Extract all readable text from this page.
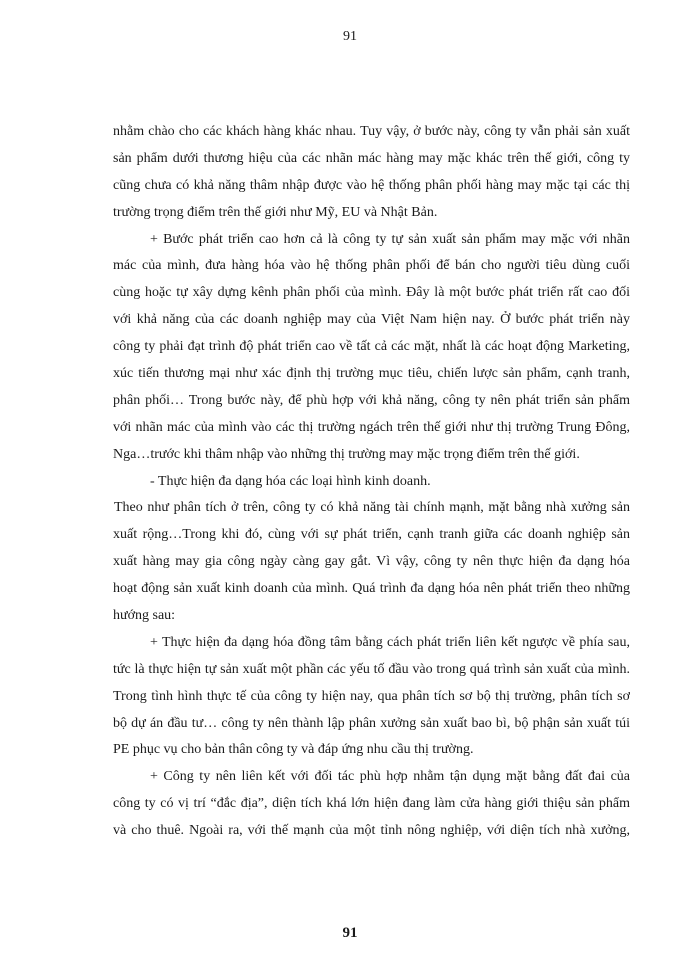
91
nhằm chào cho các khách hàng khác nhau. Tuy vậy, ở bước này, công ty vẫn phải sản xuất
sản phẩm dưới thương hiệu của các nhãn mác hàng may mặc khác trên thế giới, công ty
cũng chưa có khả năng thâm nhập được vào hệ thống phân phối hàng may mặc tại các thị
trường trọng điểm trên thế giới như Mỹ, EU và Nhật Bản.
+ Bước phát triển cao hơn cả là công ty tự sản xuất sản phẩm may mặc với nhãn
mác của mình, đưa hàng hóa vào hệ thống phân phối để bán cho người tiêu dùng cuối
cùng hoặc tự xây dựng kênh phân phối của mình. Đây là một bước phát triển rất cao đối
với khả năng của các doanh nghiệp may của Việt Nam hiện nay. Ở bước phát triển này
công ty phải đạt trình độ phát triển cao về tất cả các mặt, nhất là các hoạt động Marketing,
xúc tiến thương mại như xác định thị trường mục tiêu, chiến lược sản phẩm, cạnh tranh,
phân phối… Trong bước này, để phù hợp với khả năng, công ty nên phát triển sản phẩm
với nhãn mác của mình vào các thị trường ngách trên thế giới như thị trường Trung Đông,
Nga…trước khi thâm nhập vào những thị trường may mặc trọng điểm trên thế giới.
- Thực hiện đa dạng hóa các loại hình kinh doanh.
Theo như phân tích ở trên, công ty có khả năng tài chính mạnh, mặt bằng nhà xưởng sản
xuất rộng…Trong khi đó, cùng với sự phát triển, cạnh tranh giữa các doanh nghiệp sản
xuất hàng may gia công ngày càng gay gắt. Vì vậy, công ty nên thực hiện đa dạng hóa
hoạt động sản xuất kinh doanh của mình. Quá trình đa dạng hóa nên phát triển theo những
hướng sau:
+ Thực hiện đa dạng hóa đồng tâm bằng cách phát triển liên kết ngược về phía sau,
tức là thực hiện tự sản xuất một phần các yếu tố đầu vào trong quá trình sản xuất của mình.
Trong tình hình thực tế của công ty hiện nay, qua phân tích sơ bộ thị trường, phân tích sơ
bộ dự án đầu tư… công ty nên thành lập phân xưởng sản xuất bao bì, bộ phận sản xuất túi
PE phục vụ cho bản thân công ty và đáp ứng nhu cầu thị trường.
+ Công ty nên liên kết với đối tác phù hợp nhằm tận dụng mặt bằng đất đai của
công ty có vị trí “đắc địa”, diện tích khá lớn hiện đang làm cửa hàng giới thiệu sản phẩm
và cho thuê. Ngoài ra, với thế mạnh của một tỉnh nông nghiệp, với diện tích nhà xưởng,
91
